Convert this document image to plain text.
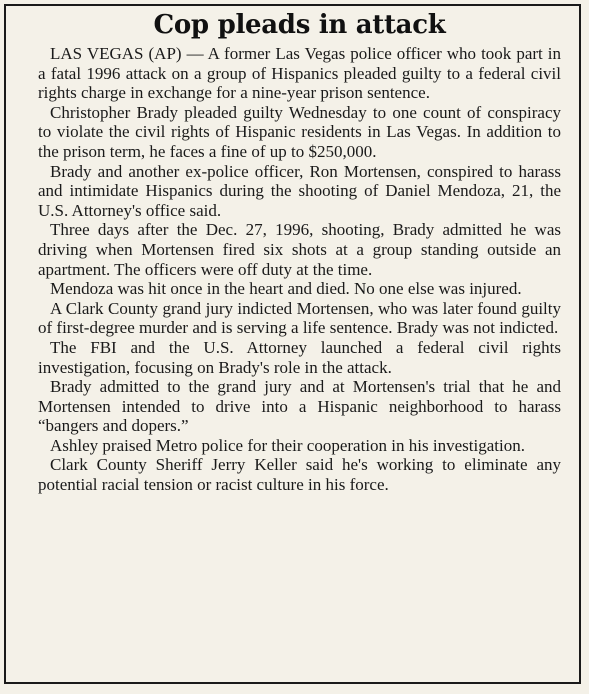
Cop pleads in attack

LAS VEGAS (AP) — A former Las Vegas police officer who took part in a fatal 1996 attack on a group of Hispanics pleaded guilty to a federal civil rights charge in exchange for a nine-year prison sentence.

Christopher Brady pleaded guilty Wednesday to one count of conspiracy to violate the civil rights of Hispanic residents in Las Vegas. In addition to the prison term, he faces a fine of up to $250,000.

Brady and another ex-police officer, Ron Mortensen, conspired to harass and intimidate Hispanics during the shooting of Daniel Mendoza, 21, the U.S. Attorney's office said.

Three days after the Dec. 27, 1996, shooting, Brady admitted he was driving when Mortensen fired six shots at a group standing outside an apartment. The officers were off duty at the time.

Mendoza was hit once in the heart and died. No one else was injured.

A Clark County grand jury indicted Mortensen, who was later found guilty of first-degree murder and is serving a life sentence. Brady was not indicted.

The FBI and the U.S. Attorney launched a federal civil rights investigation, focusing on Brady's role in the attack.

Brady admitted to the grand jury and at Mortensen's trial that he and Mortensen intended to drive into a Hispanic neighborhood to harass “bangers and dopers.”

Ashley praised Metro police for their cooperation in his investigation.

Clark County Sheriff Jerry Keller said he's working to eliminate any potential racial tension or racist culture in his force.
